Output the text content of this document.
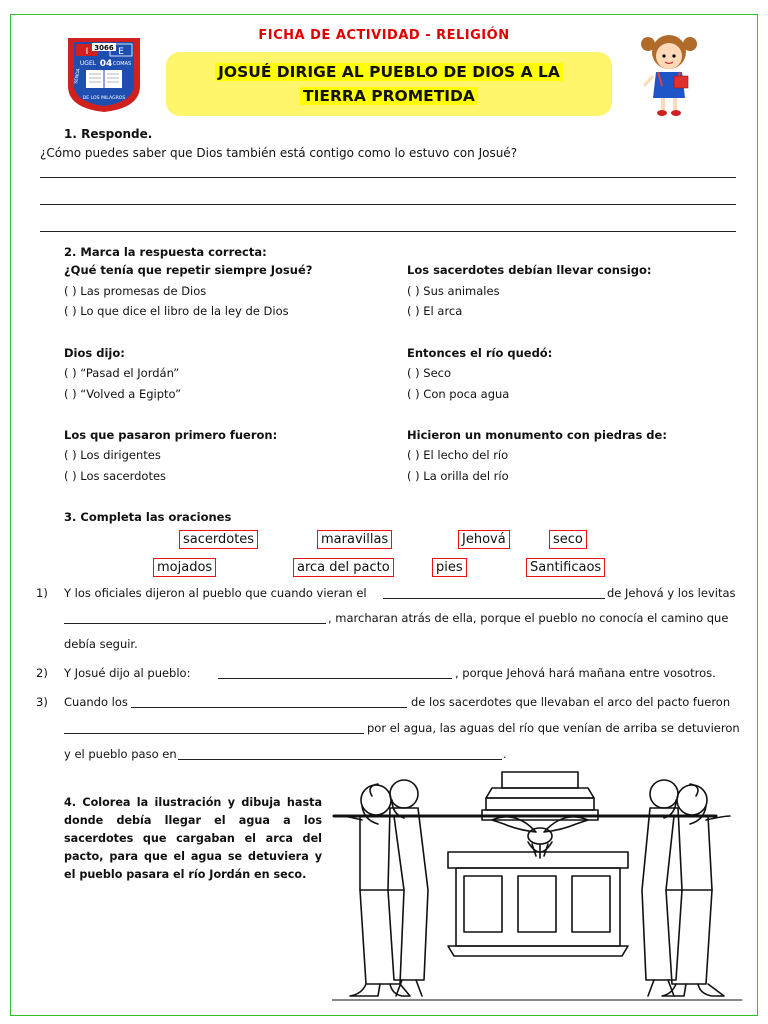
3066
I	E
UGEL 04 COMAS
SENDA
DE LOS MILAGROS
FICHA DE ACTIVIDAD - RELIGIÓN
JOSUÉ DIRIGE AL PUEBLO DE DIOS A LA
TIERRA PROMETIDA
1. Responde.
¿Cómo puedes saber que Dios también está contigo como lo estuvo con Josué?
2. Marca la respuesta correcta:
¿Qué tenía que repetir siempre Josué?
( ) Las promesas de Dios
( ) Lo que dice el libro de la ley de Dios
Los sacerdotes debían llevar consigo:
( ) Sus animales
( ) El arca
Dios dijo:
( ) “Pasad el Jordán”
( ) “Volved a Egipto”
Entonces el río quedó:
( ) Seco
( ) Con poca agua
Los que pasaron primero fueron:
( ) Los dirigentes
( ) Los sacerdotes
Hicieron un monumento con piedras de:
( ) El lecho del río
( ) La orilla del río
3. Completa las oraciones
sacerdotes	maravillas	Jehová	seco
mojados	arca del pacto	pies	Santificaos
1) Y los oficiales dijeron al pueblo que cuando vieran el	de Jehová y los levitas
, marcharan atrás de ella, porque el pueblo no conocía el camino que
debía seguir.
2) Y Josué dijo al pueblo:	, porque Jehová hará mañana entre vosotros.
3) Cuando los	de los sacerdotes que llevaban el arco del pacto fueron
por el agua, las aguas del río que venían de arriba se detuvieron
y el pueblo paso en	.
4. Colorea la ilustración y dibuja hasta donde debía llegar el agua a los sacerdotes que cargaban el arca del pacto, para que el agua se detuviera y el pueblo pasara el río Jordán en seco.
